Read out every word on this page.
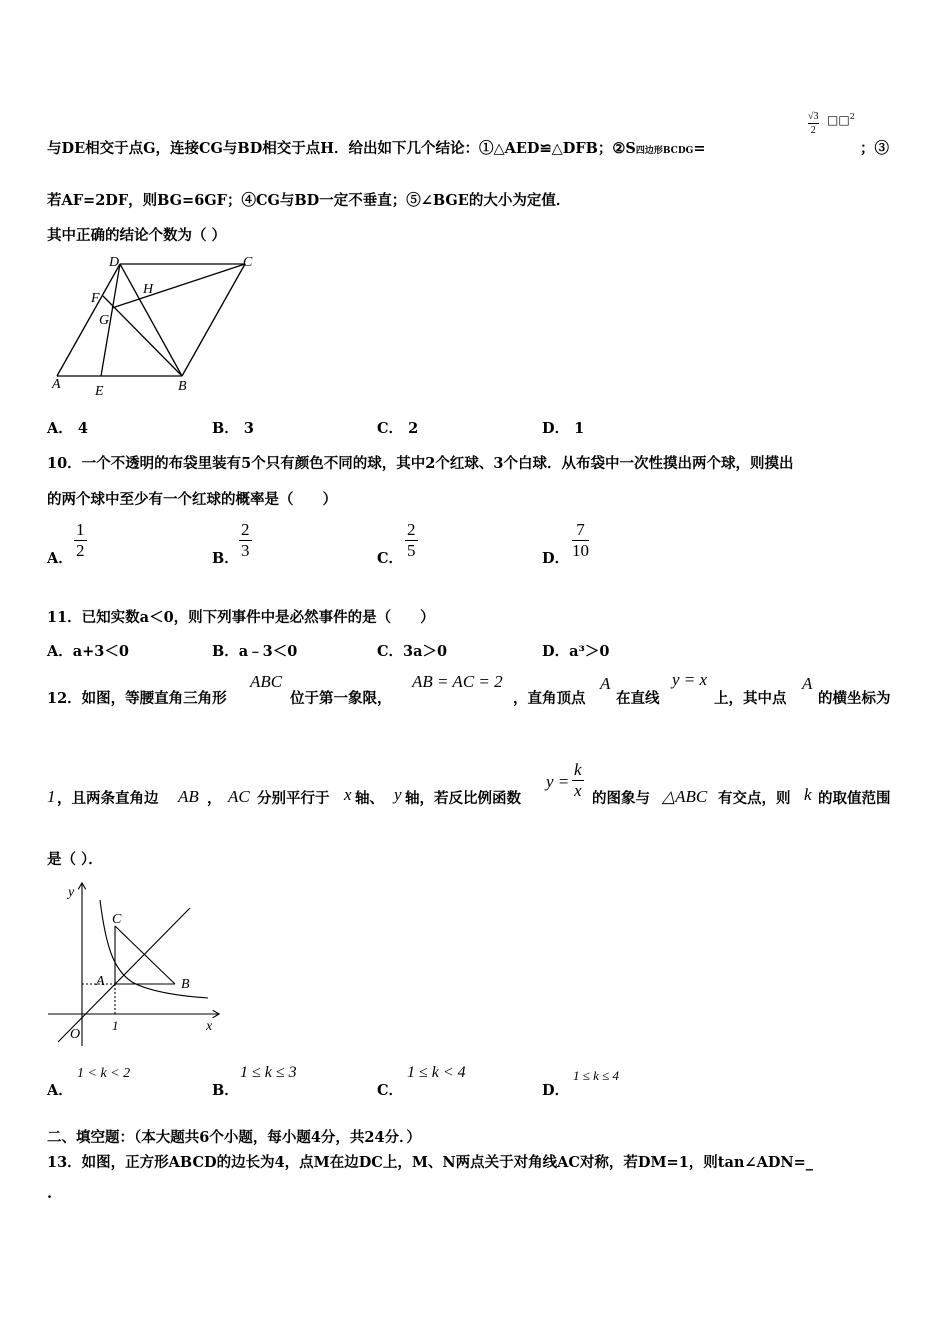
与DE相交于点G，连接CG与BD相交于点H．给出如下几个结论：①△AED≌△DFB；②S四边形BCDG=
$\frac{√3}{2}$ □□$^2$
；③
若AF=2DF，则BG=6GF；④CG与BD一定不垂直；⑤∠BGE的大小为定值．
其中正确的结论个数为（ ）
D	C
F
H
G
A E	B
A． 4	B． 3	C． 2	D． 1
10．一个不透明的布袋里装有5个只有颜色不同的球，其中2个红球、3个白球．从布袋中一次性摸出两个球，则摸出
的两个球中至少有一个红球的概率是（　　）
A． $\frac{1}{2}$	B． $\frac{2}{3}$	C． $\frac{2}{5}$	D． $\frac{7}{10}$
11．已知实数a＜0，则下列事件中是必然事件的是（　　）
A．a+3＜0	B．a﹣3＜0	C．3a＞0	D．a³＞0
12．如图，等腰直角三角形
ABC
位于第一象限，
AB = AC = 2
，直角顶点
A
在直线
y = x
上，其中点
A
的横坐标为
1 ，且两条直角边 AB ， AC 分别平行于 x 轴、 y 轴，若反比例函数
$y = \frac{k}{x}$ 的图象与 △ABC 有交点，则 k 的取值范围
是（ ）．
y
C
A	B
O
1	x
A．
1 < k < 2
B．
1 ≤ k ≤ 3
C．
1 ≤ k < 4
D．
1 ≤ k ≤ 4
二、填空题：（本大题共6个小题，每小题4分，共24分．）
13．如图，正方形ABCD的边长为4，点M在边DC上，M、N两点关于对角线AC对称，若DM=1，则tan∠ADN=_
.
